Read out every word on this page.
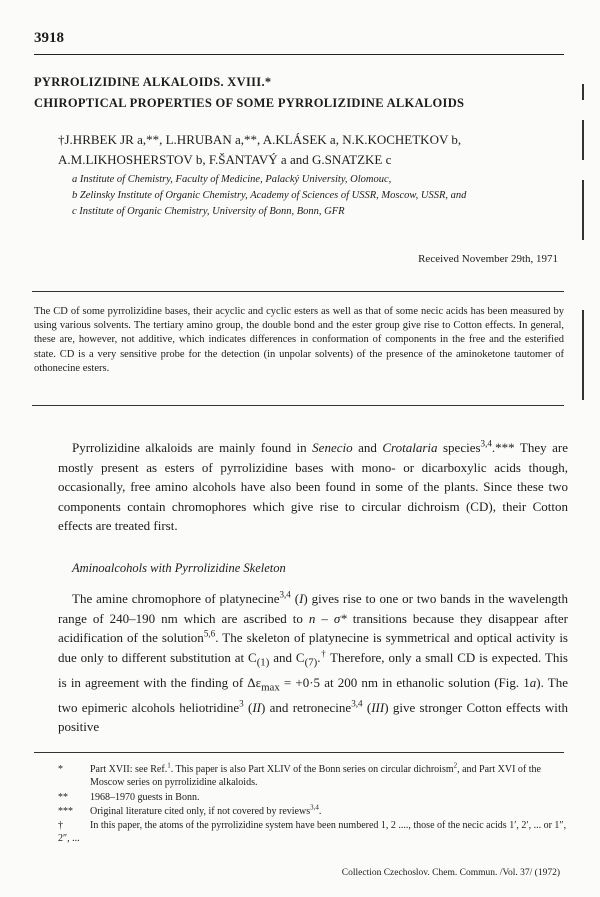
3918
PYRROLIZIDINE ALKALOIDS. XVIII.*
CHIROPTICAL PROPERTIES OF SOME PYRROLIZIDINE ALKALOIDS
†J.HRBEK JR a,**, L.HRUBAN a,**, A.KLÁSEK a, N.K.KOCHETKOV b,
A.M.LIKHOSHERSTOV b, F.ŠANTAVÝ a and G.SNATZKE c
a Institute of Chemistry, Faculty of Medicine, Palacký University, Olomouc,
b Zelinsky Institute of Organic Chemistry, Academy of Sciences of USSR, Moscow, USSR, and
c Institute of Organic Chemistry, University of Bonn, Bonn, GFR
Received November 29th, 1971
The CD of some pyrrolizidine bases, their acyclic and cyclic esters as well as that of some necic acids has been measured by using various solvents. The tertiary amino group, the double bond and the ester group give rise to Cotton effects. In general, these are, however, not additive, which indicates differences in conformation of components in the free and the esterified state. CD is a very sensitive probe for the detection (in unpolar solvents) of the presence of the aminoketone tautomer of othonecine esters.
Pyrrolizidine alkaloids are mainly found in Senecio and Crotalaria species$^{3,4}$.*** They are mostly present as esters of pyrrolizidine bases with mono- or dicarboxylic acids though, occasionally, free amino alcohols have also been found in some of the plants. Since these two components contain chromophores which give rise to circular dichroism (CD), their Cotton effects are treated first.
Aminoalcohols with Pyrrolizidine Skeleton
The amine chromophore of platynecine$^{3,4}$ (I) gives rise to one or two bands in the wavelength range of 240–190 nm which are ascribed to n – σ* transitions because they disappear after acidification of the solution$^{5,6}$. The skeleton of platynecine is symmetrical and optical activity is due only to different substitution at $C_{(1)}$ and $C_{(7)}.^\dagger$ Therefore, only a small CD is expected. This is in agreement with the finding of $\Delta\varepsilon_{max} = +0\cdot 5$ at 200 nm in ethanolic solution (Fig. 1a). The two epimeric alcohols heliotridine$^3$ (II) and retronecine$^{3,4}$ (III) give stronger Cotton effects with positive
*	Part XVII: see Ref.$^1$. This paper is also Part XLIV of the Bonn series on circular dichroism$^2$, and Part XVI of the Moscow series on pyrrolizidine alkaloids.
** 1968–1970 guests in Bonn.
*** Original literature cited only, if not covered by reviews$^{3,4}$.
†	In this paper, the atoms of the pyrrolizidine system have been numbered 1, 2 ...., those of the necic acids 1′, 2′, ... or 1″, 2″, ...
Collection Czechoslov. Chem. Commun. /Vol. 37/ (1972)
